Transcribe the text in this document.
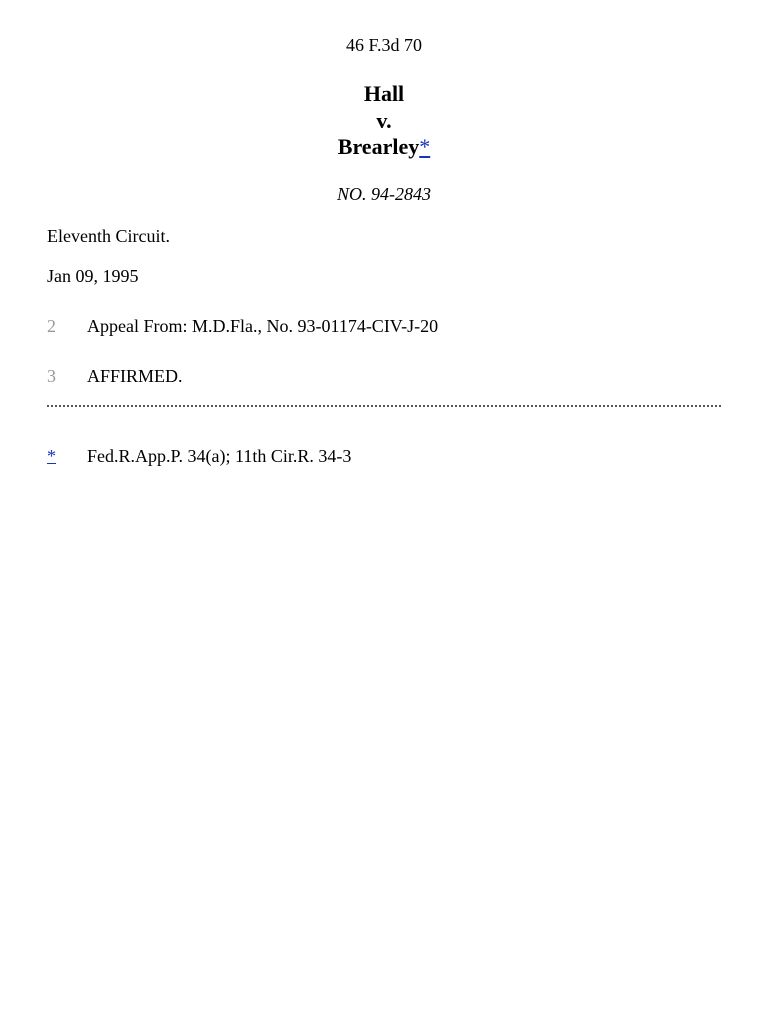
46 F.3d 70
Hall
v.
Brearley*
NO. 94-2843
Eleventh Circuit.
Jan 09, 1995
2	Appeal From: M.D.Fla., No. 93-01174-CIV-J-20
3	AFFIRMED.
*	Fed.R.App.P. 34(a); 11th Cir.R. 34-3
